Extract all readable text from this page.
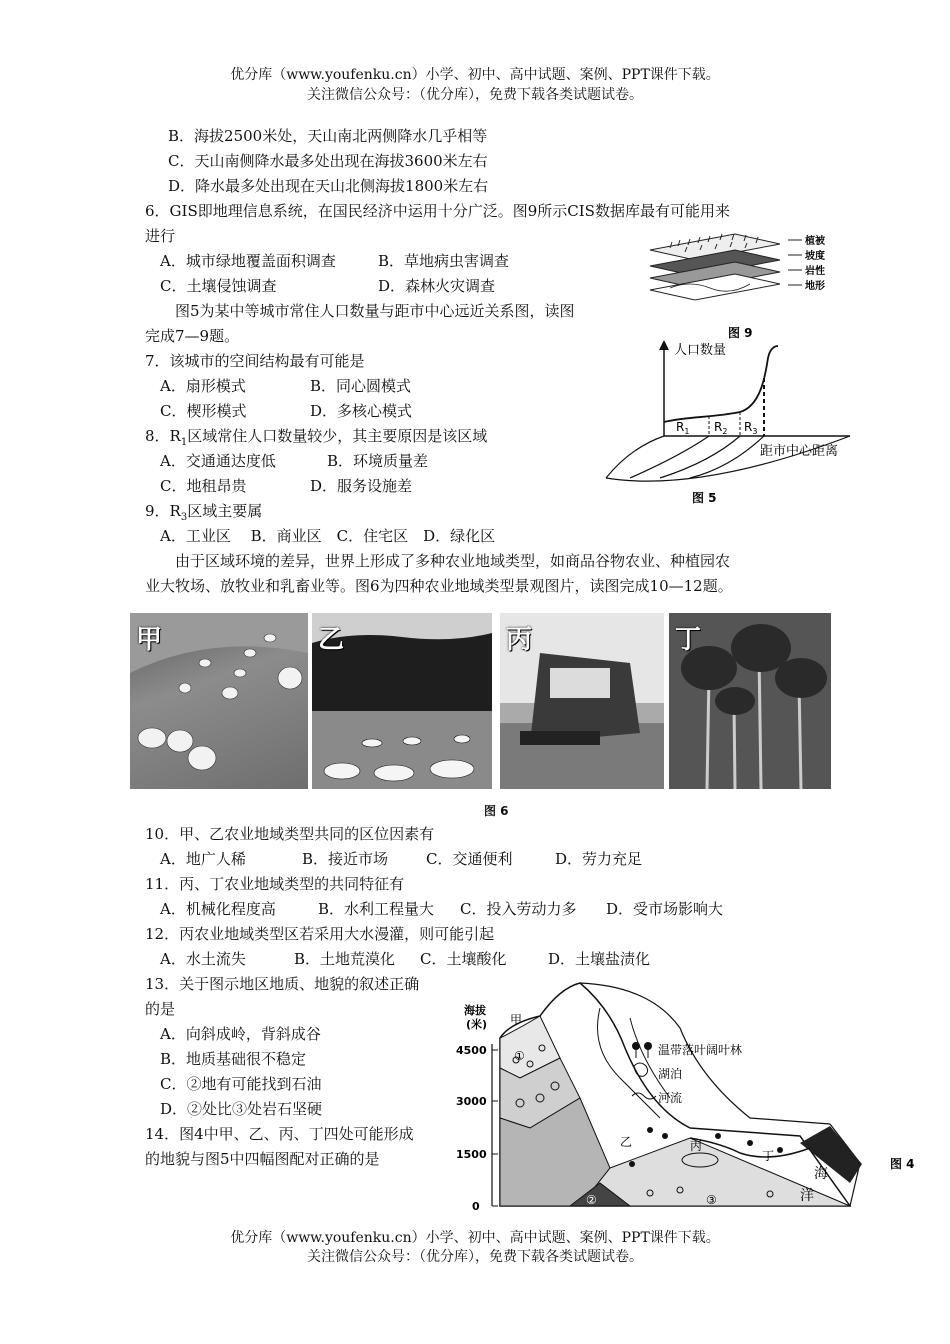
优分库（www.youfenku.cn）小学、初中、高中试题、案例、PPT课件下载。
关注微信公众号：（优分库），免费下载各类试题试卷。
B．海拔2500米处，天山南北两侧降水几乎相等
C．天山南侧降水最多处出现在海拔3600米左右
D．降水最多处出现在天山北侧海拔1800米左右
6．GIS即地理信息系统，在国民经济中运用十分广泛。图9所示CIS数据库最有可能用来
进行
A．城市绿地覆盖面积调查	B．草地病虫害调查
C．土壤侵蚀调查	D．森林火灾调查
图5为某中等城市常住人口数量与距市中心远近关系图，读图
完成7—9题。
7．该城市的空间结构最有可能是
A．扇形模式	B．同心圆模式
C．楔形模式	D．多核心模式
8．$R_1$区域常住人口数量较少，其主要原因是该区域
A．交通通达度低	B．环境质量差
C．地租昂贵	D．服务设施差
9．$R_3$区域主要属
A．工业区　 B．商业区　C．住宅区　D．绿化区
由于区域环境的差异，世界上形成了多种农业地域类型，如商品谷物农业、种植园农
业大牧场、放牧业和乳畜业等。图6为四种农业地域类型景观图片，读图完成10—12题。
植被
坡度
岩性
地形
图 9
人口数量
距市中心距离
$R_1$ $R_2$ $R_3$
图 5
甲	乙	丙	丁
图 6
10．甲、乙农业地域类型共同的区位因素有
A．地广人稀	B．接近市场	C．交通便利	D．劳力充足
11．丙、丁农业地域类型的共同特征有
A．机械化程度高	B．水利工程量大 C．投入劳动力多 D．受市场影响大
12．丙农业地域类型区若采用大水漫灌，则可能引起
A．水土流失	B．土地荒漠化 C．土壤酸化	D．土壤盐渍化
13．关于图示地区地质、地貌的叙述正确
的是
A．向斜成岭，背斜成谷
B．地质基础很不稳定
C．②地有可能找到石油
D．②处比③处岩石坚硬
14．图4中甲、乙、丙、丁四处可能形成
的地貌与图5中四幅图配对正确的是
海拔
(米)
4500
3000
1500
0
甲
乙	丙
丁
①
②	③
温带落叶阔叶林
湖泊
河流
海
洋
图 4
优分库（www.youfenku.cn）小学、初中、高中试题、案例、PPT课件下载。
关注微信公众号：（优分库），免费下载各类试题试卷。
